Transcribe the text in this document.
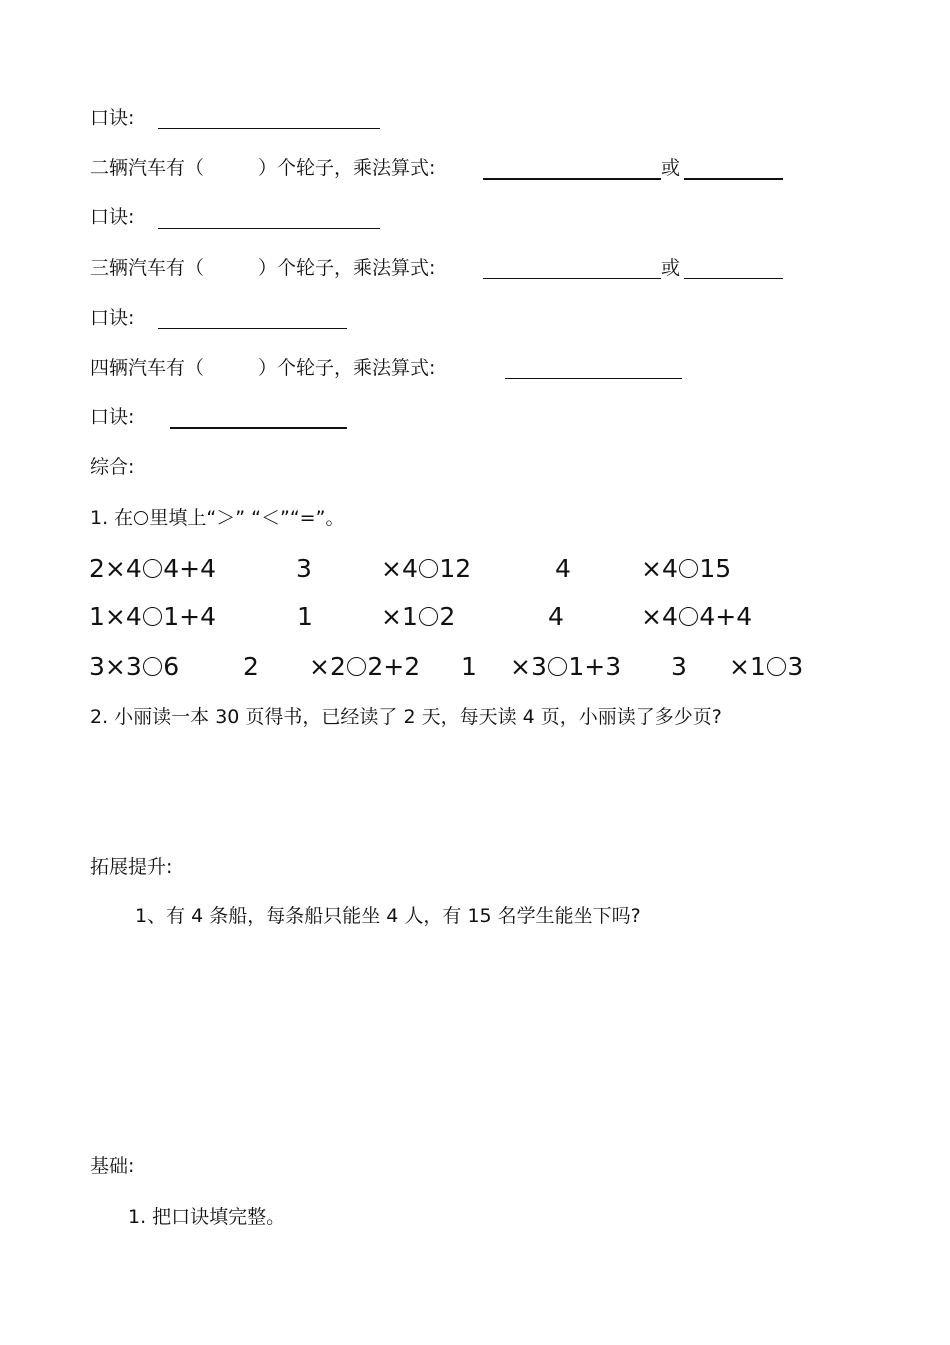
口诀:
二辆汽车有（	）个轮子，乘法算式:	或
口诀:
三辆汽车有（	）个轮子，乘法算式:	或
口诀:
四辆汽车有（	）个轮子，乘法算式:
口诀:
综合:
1. 在 里填上“＞” “＜”“=”。
2×4 4+4	3	×4 12	4	×4 15
1×4 1+4	1	×1 2	4	×4 4+4
3×3 6	2 ×2 2+2 1 ×3 1+3 3 ×1 3
2. 小丽读一本 30 页得书，已经读了 2 天，每天读 4 页，小丽读了多少页?
拓展提升:
1、有 4 条船，每条船只能坐 4 人，有 15 名学生能坐下吗?
基础:
1. 把口诀填完整。
